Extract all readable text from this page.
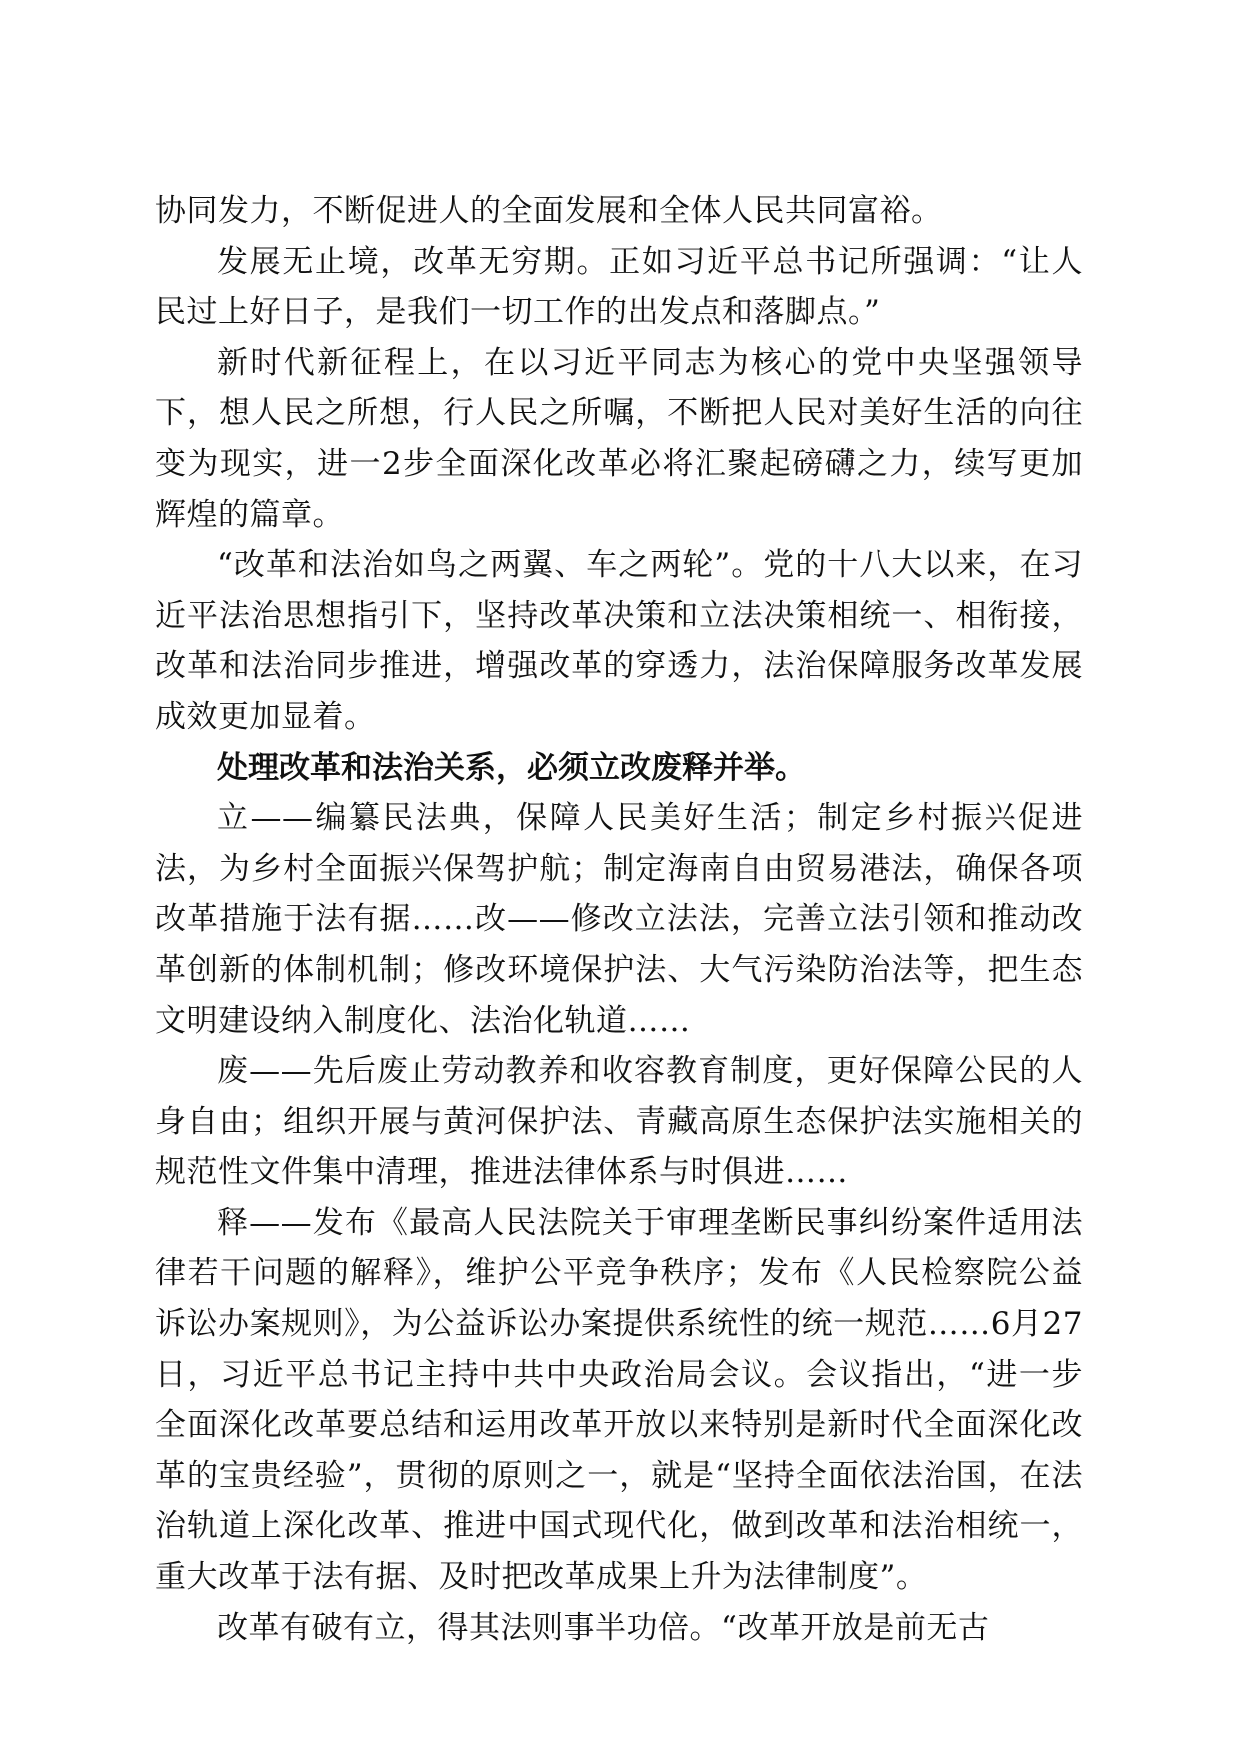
协同发力，不断促进人的全面发展和全体人民共同富裕。

发展无止境，改革无穷期。正如习近平总书记所强调：“让人民过上好日子，是我们一切工作的出发点和落脚点。”

新时代新征程上，在以习近平同志为核心的党中央坚强领导下，想人民之所想，行人民之所嘱，不断把人民对美好生活的向往变为现实，进一2步全面深化改革必将汇聚起磅礴之力，续写更加辉煌的篇章。

“改革和法治如鸟之两翼、车之两轮”。党的十八大以来，在习近平法治思想指引下，坚持改革决策和立法决策相统一、相衔接，改革和法治同步推进，增强改革的穿透力，法治保障服务改革发展成效更加显着。

处理改革和法治关系，必须立改废释并举。

立——编纂民法典，保障人民美好生活；制定乡村振兴促进法，为乡村全面振兴保驾护航；制定海南自由贸易港法，确保各项改革措施于法有据……改——修改立法法，完善立法引领和推动改革创新的体制机制；修改环境保护法、大气污染防治法等，把生态文明建设纳入制度化、法治化轨道……

废——先后废止劳动教养和收容教育制度，更好保障公民的人身自由；组织开展与黄河保护法、青藏高原生态保护法实施相关的规范性文件集中清理，推进法律体系与时俱进……

释——发布《最高人民法院关于审理垄断民事纠纷案件适用法律若干问题的解释》，维护公平竞争秩序；发布《人民检察院公益诉讼办案规则》，为公益诉讼办案提供系统性的统一规范……6月27日，习近平总书记主持中共中央政治局会议。会议指出，“进一步全面深化改革要总结和运用改革开放以来特别是新时代全面深化改革的宝贵经验”，贯彻的原则之一，就是“坚持全面依法治国，在法治轨道上深化改革、推进中国式现代化，做到改革和法治相统一，重大改革于法有据、及时把改革成果上升为法律制度”。

改革有破有立，得其法则事半功倍。“改革开放是前无古
